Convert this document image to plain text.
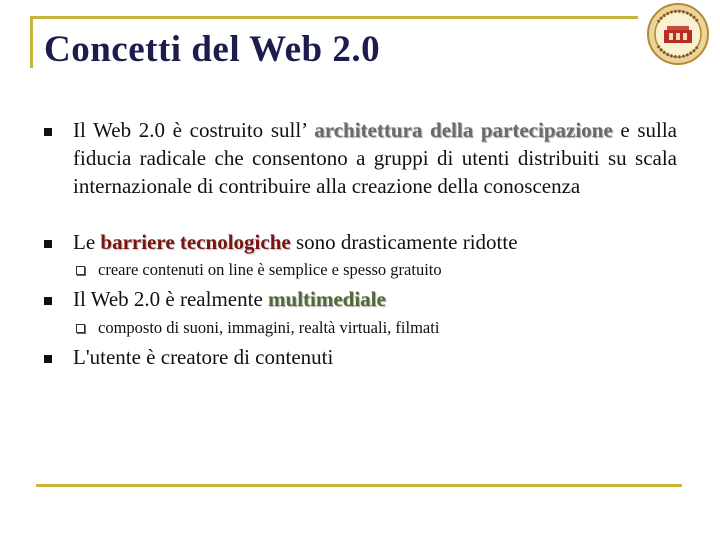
Concetti del Web 2.0
Il Web 2.0 è costruito sull’ architettura della partecipazione e sulla fiducia radicale che consentono a gruppi di utenti distribuiti su scala internazionale di contribuire alla creazione della conoscenza
Le barriere tecnologiche sono drasticamente ridotte
creare contenuti on line è semplice e spesso gratuito
Il Web 2.0 è realmente multimediale
composto di suoni, immagini, realtà virtuali, filmati
L'utente è creatore di contenuti
